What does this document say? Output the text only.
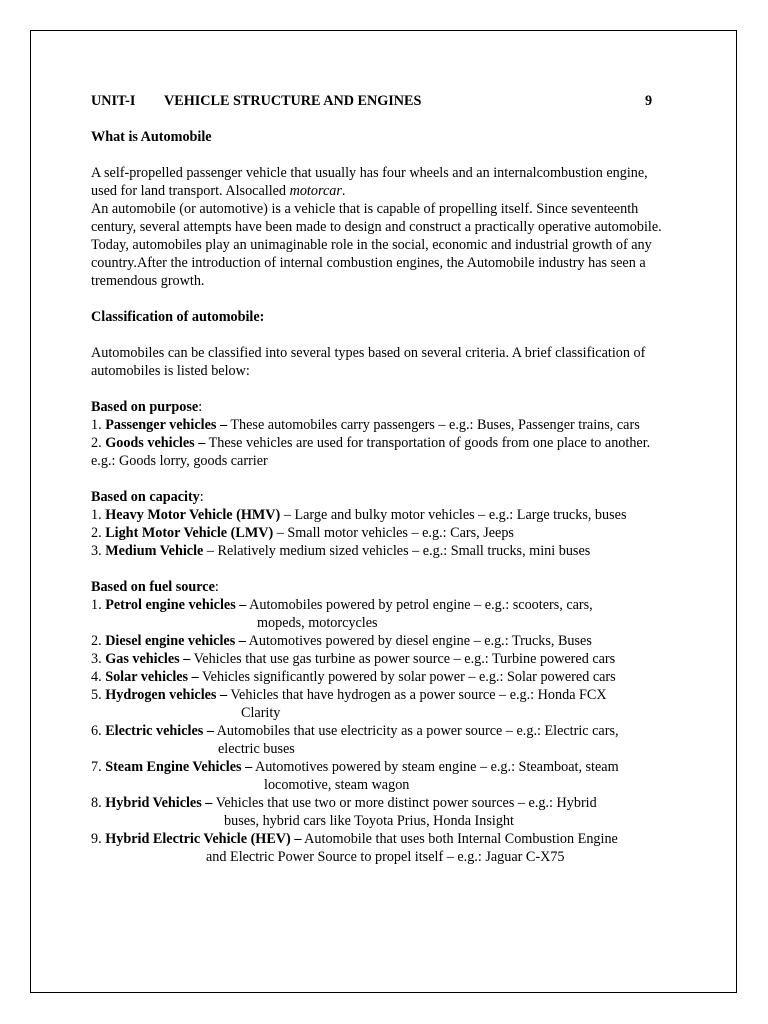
UNIT-I VEHICLE STRUCTURE AND ENGINES	9

What is Automobile

A self-propelled passenger vehicle that usually has four wheels and an internalcombustion engine, used for land transport. Alsocalled motorcar.

An automobile (or automotive) is a vehicle that is capable of propelling itself. Since seventeenth century, several attempts have been made to design and construct a practically operative automobile.

Today, automobiles play an unimaginable role in the social, economic and industrial growth of any country.After the introduction of internal combustion engines, the Automobile industry has seen a tremendous growth.

Classification of automobile:

Automobiles can be classified into several types based on several criteria. A brief classification of automobiles is listed below:

Based on purpose:

1. Passenger vehicles – These automobiles carry passengers – e.g.: Buses, Passenger trains, cars

2. Goods vehicles – These vehicles are used for transportation of goods from one place to another. e.g.: Goods lorry, goods carrier

Based on capacity:

1. Heavy Motor Vehicle (HMV) – Large and bulky motor vehicles – e.g.: Large trucks, buses

2. Light Motor Vehicle (LMV) – Small motor vehicles – e.g.: Cars, Jeeps

3. Medium Vehicle – Relatively medium sized vehicles – e.g.: Small trucks, mini buses

Based on fuel source:

1. Petrol engine vehicles – Automobiles powered by petrol engine – e.g.: scooters, cars,
mopeds, motorcycles

2. Diesel engine vehicles – Automotives powered by diesel engine – e.g.: Trucks, Buses

3. Gas vehicles – Vehicles that use gas turbine as power source – e.g.: Turbine powered cars

4. Solar vehicles – Vehicles significantly powered by solar power – e.g.: Solar powered cars

5. Hydrogen vehicles – Vehicles that have hydrogen as a power source – e.g.: Honda FCX
Clarity

6. Electric vehicles – Automobiles that use electricity as a power source – e.g.: Electric cars,
electric buses

7. Steam Engine Vehicles – Automotives powered by steam engine – e.g.: Steamboat, steam
locomotive, steam wagon

8. Hybrid Vehicles – Vehicles that use two or more distinct power sources – e.g.: Hybrid
buses, hybrid cars like Toyota Prius, Honda Insight

9. Hybrid Electric Vehicle (HEV) – Automobile that uses both Internal Combustion Engine
and Electric Power Source to propel itself – e.g.: Jaguar C-X75
